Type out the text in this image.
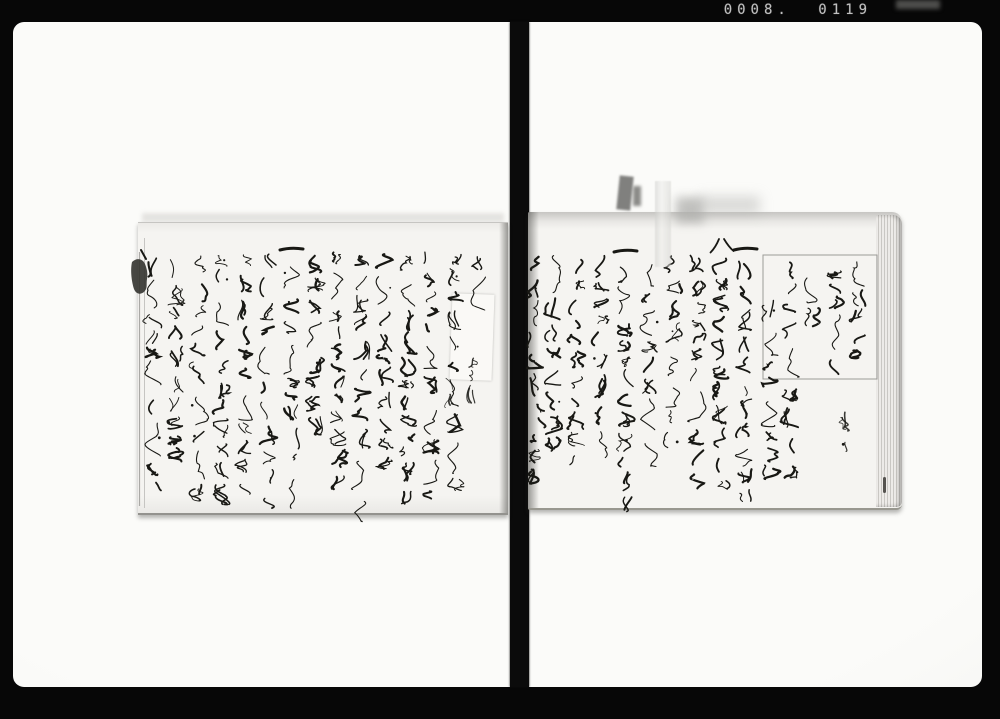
0008. 0119
